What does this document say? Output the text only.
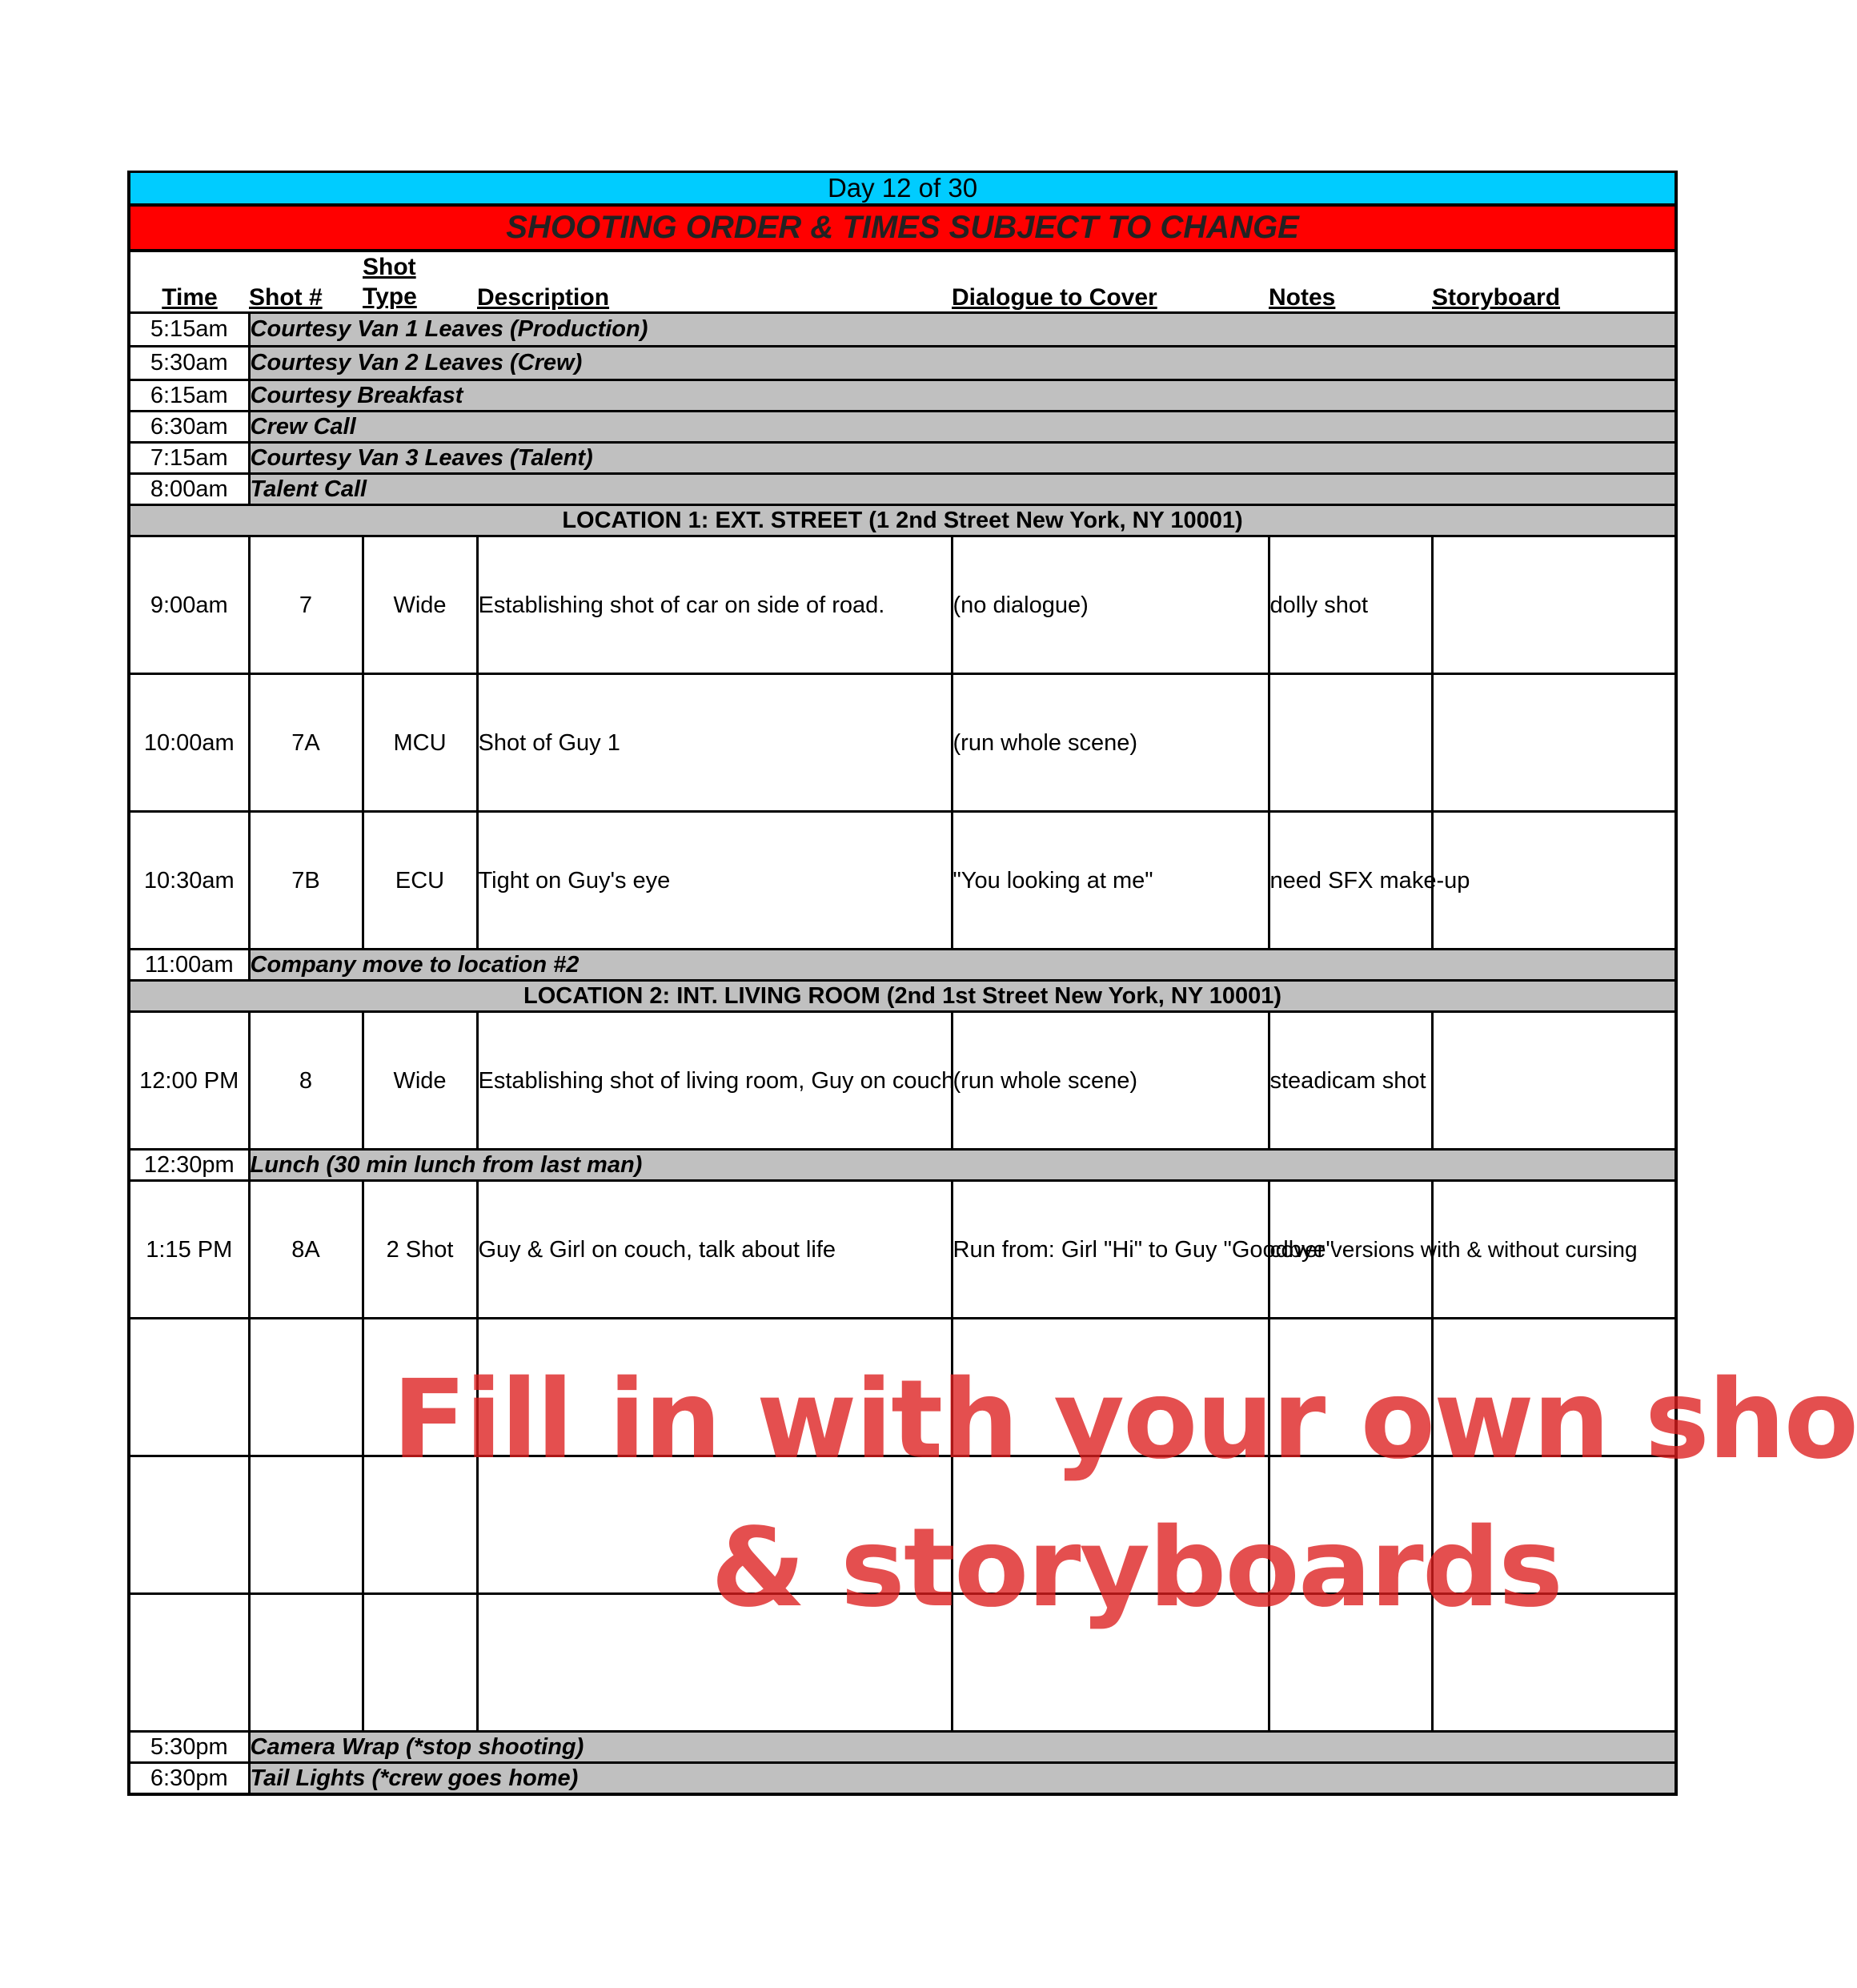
Day 12 of 30						
SHOOTING ORDER & TIMES SUBJECT TO CHANGE						
Time	Shot #	Shot
Type	Description	Dialogue to Cover	Notes	Storyboard
5:15am	Courtesy Van 1 Leaves (Production)					
5:30am	Courtesy Van 2 Leaves (Crew)					
6:15am	Courtesy Breakfast					
6:30am	Crew Call					
7:15am	Courtesy Van 3 Leaves (Talent)					
8:00am	Talent Call					
LOCATION 1: EXT. STREET (1 2nd Street New York, NY 10001)						
9:00am	7	Wide	Establishing shot of car on side of road.	(no dialogue)	dolly shot	
10:00am	7A	MCU	Shot of Guy 1	(run whole scene)		
10:30am	7B	ECU	Tight on Guy's eye	"You looking at me"	need SFX make-up	
11:00am	Company move to location #2					
LOCATION 2: INT. LIVING ROOM (2nd 1st Street New York, NY 10001)						
12:00 PM	8	Wide	Establishing shot of living room, Guy on couch	(run whole scene)	steadicam shot	
12:30pm	Lunch (30 min lunch from last man)					
1:15 PM	8A	2 Shot	Guy & Girl on couch, talk about life	Run from: Girl "Hi" to Guy "Goodbye"	cover versions with & without cursing	

5:30pm	Camera Wrap (*stop shooting)					
6:30pm	Tail Lights (*crew goes home)					
Fill in with your own sho
& storyboards
